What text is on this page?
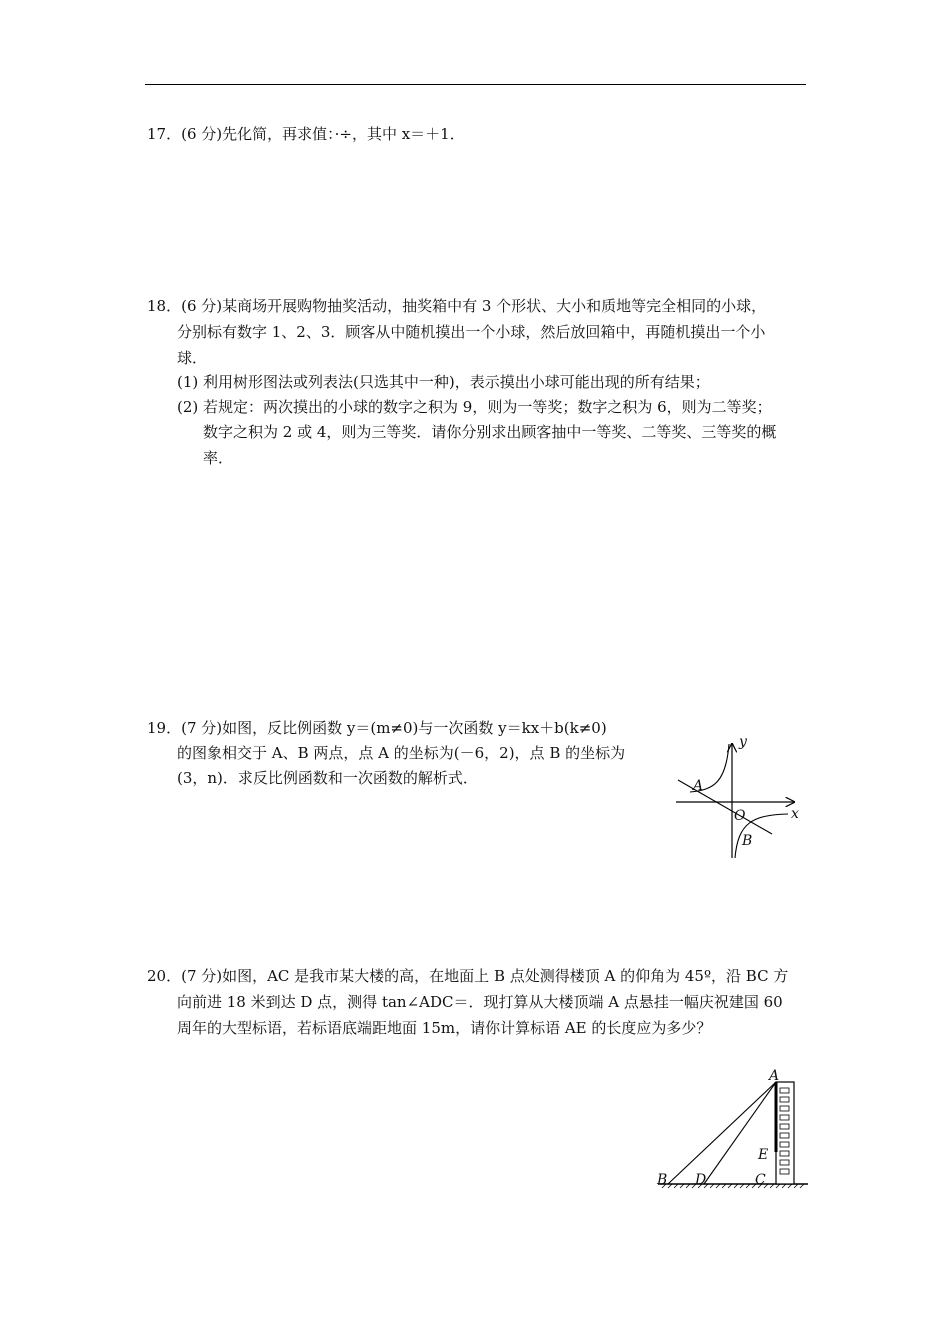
17．(6 分)先化简，再求值：·÷，其中 x＝＋1．
18．(6 分)某商场开展购物抽奖活动，抽奖箱中有 3 个形状、大小和质地等完全相同的小球，
分别标有数字 1、2、3．顾客从中随机摸出一个小球，然后放回箱中，再随机摸出一个小
球．
(1) 利用树形图法或列表法(只选其中一种)，表示摸出小球可能出现的所有结果；
(2) 若规定：两次摸出的小球的数字之积为 9，则为一等奖；数字之积为 6，则为二等奖；
数字之积为 2 或 4，则为三等奖．请你分别求出顾客抽中一等奖、二等奖、三等奖的概
率．
19．(7 分)如图，反比例函数 y＝(m≠0)与一次函数 y＝kx＋b(k≠0)
的图象相交于 A、B 两点，点 A 的坐标为(－6，2)，点 B 的坐标为
(3，n)．求反比例函数和一次函数的解析式．
y
x
A
O
B
20．(7 分)如图，AC 是我市某大楼的高，在地面上 B 点处测得楼顶 A 的仰角为 45º，沿 BC 方
向前进 18 米到达 D 点，测得 tan∠ADC＝．现打算从大楼顶端 A 点悬挂一幅庆祝建国 60
周年的大型标语，若标语底端距地面 15m，请你计算标语 AE 的长度应为多少？
A
E
B D	C
